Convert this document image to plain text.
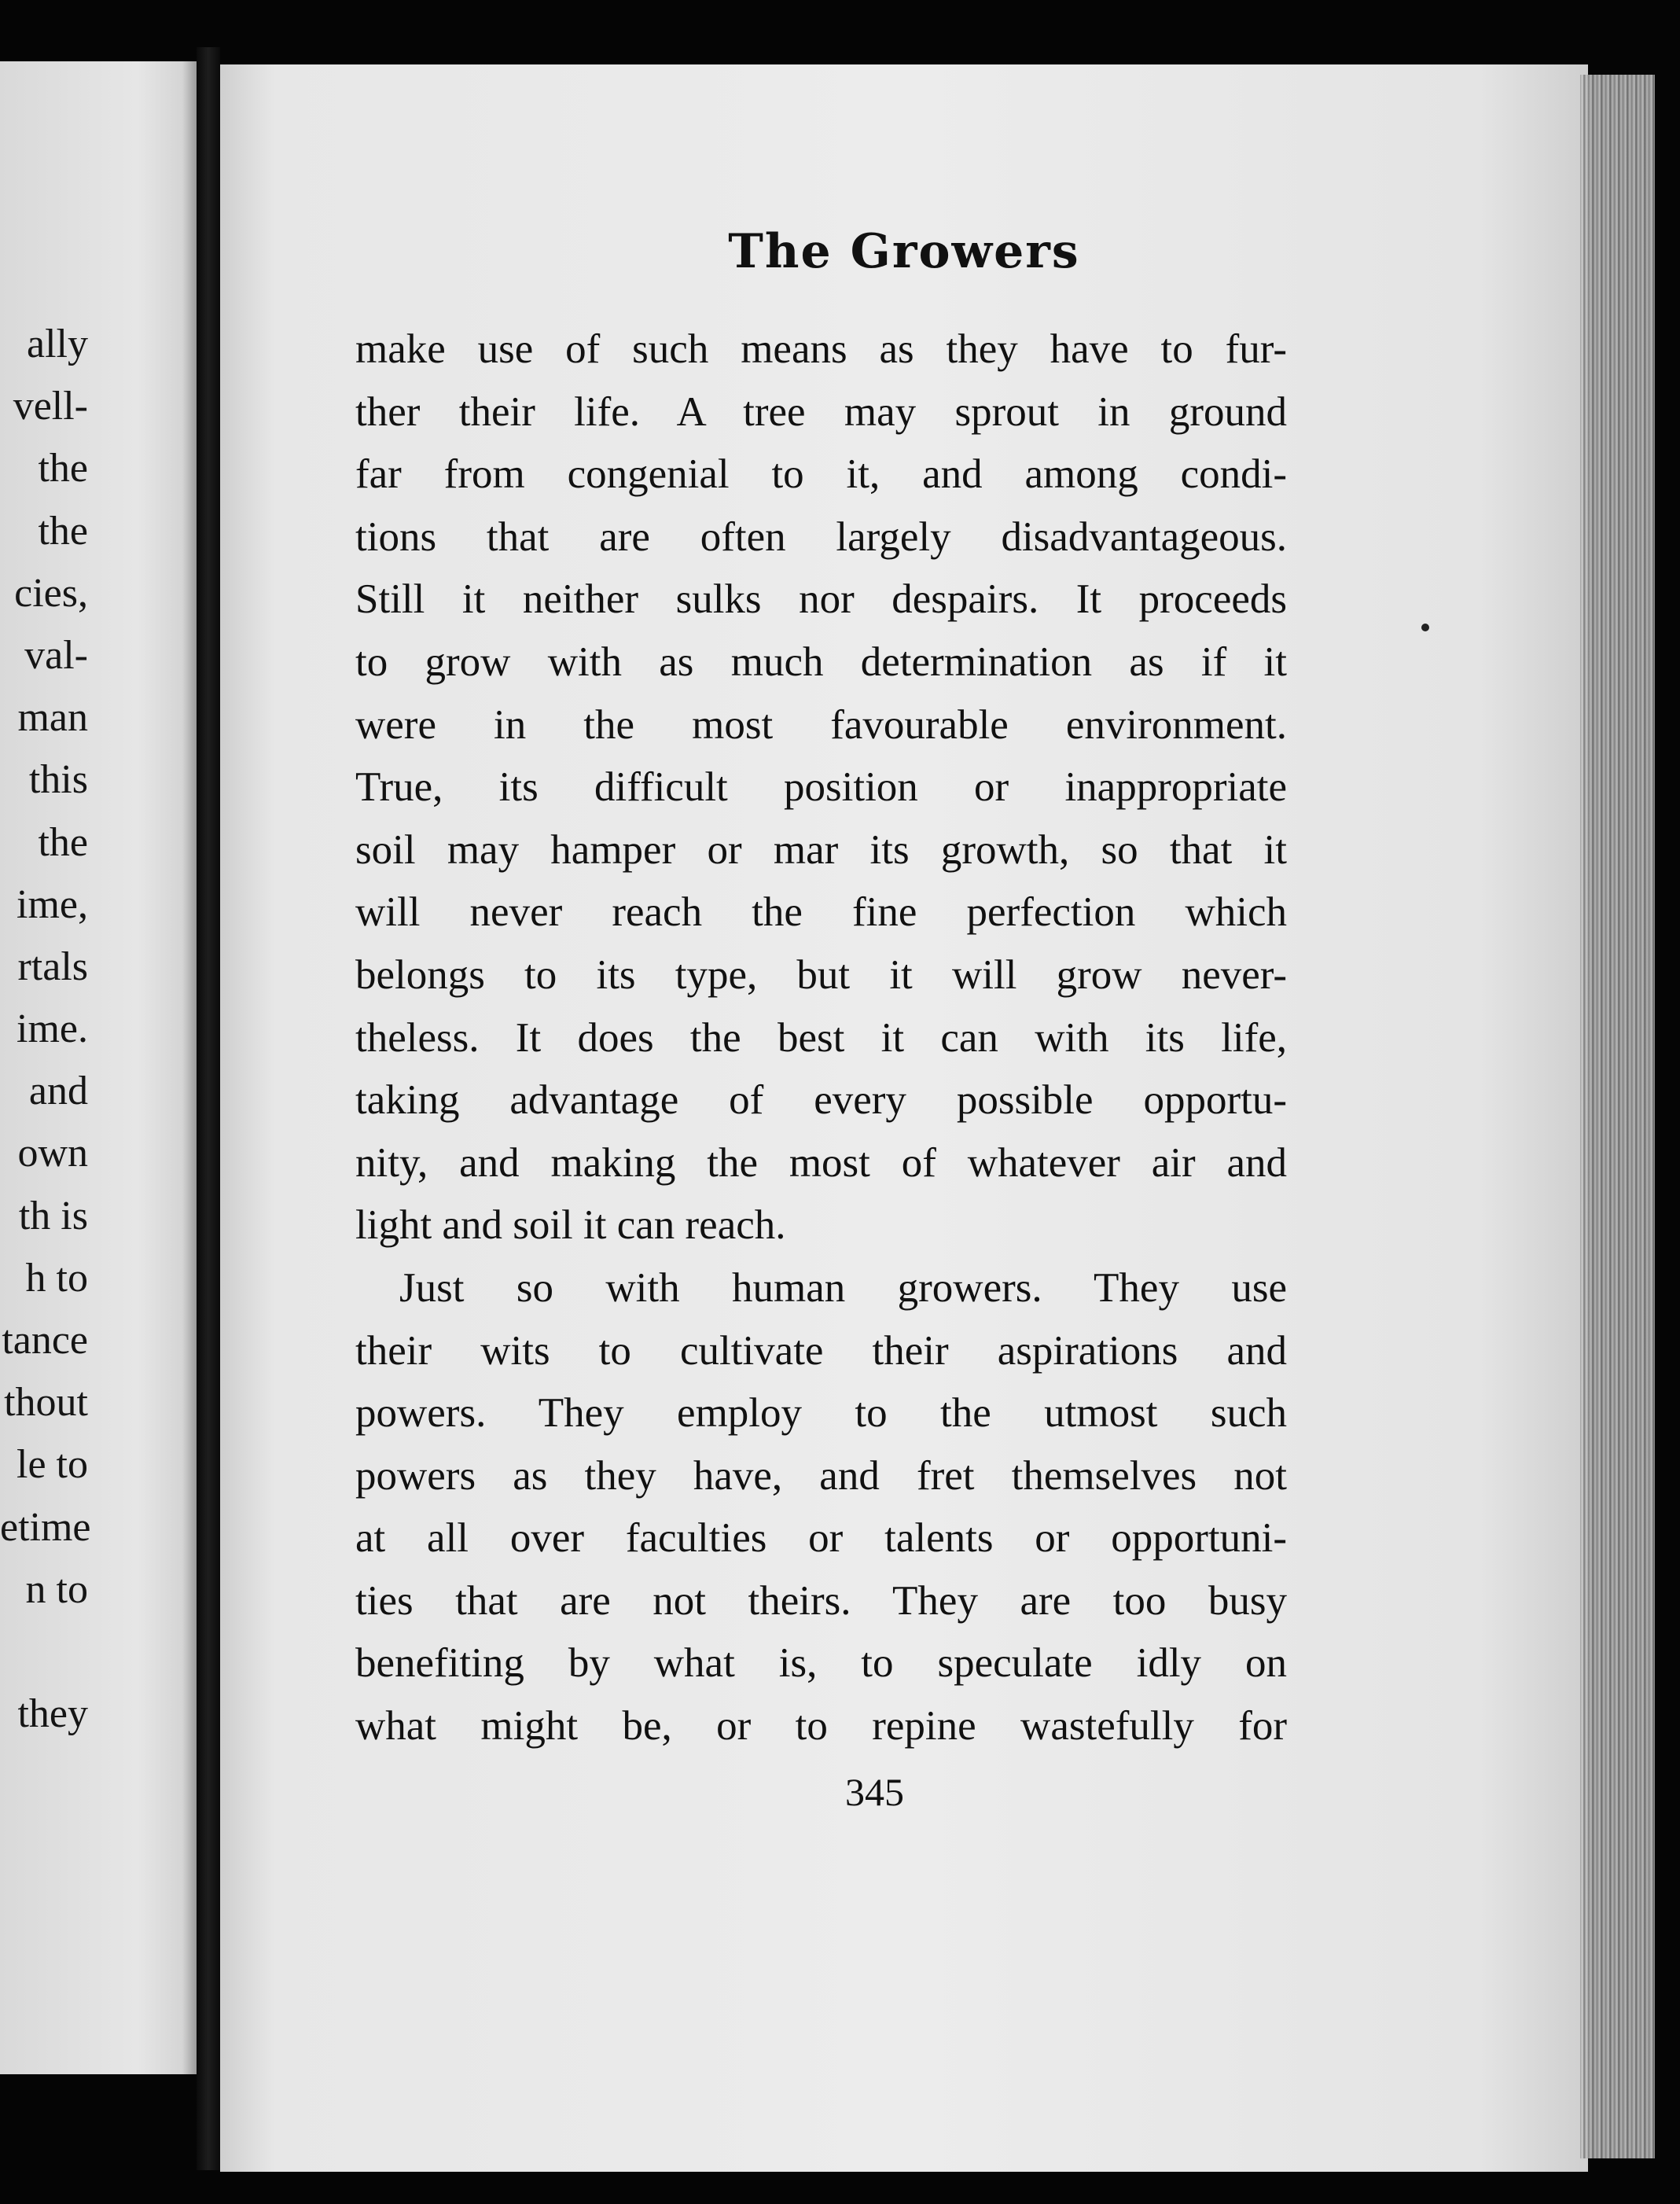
ally
vell-
the
the
cies,
val-
man
this
the
ime,
rtals
ime.
and
own
th is
h to
tance
thout
le to
etime
n to
they
The Growers
make use of such means as they have to fur-
ther their life. A tree may sprout in ground
far from congenial to it, and among condi-
tions that are often largely disadvantageous.
Still it neither sulks nor despairs. It proceeds
to grow with as much determination as if it
were in the most favourable environment.
True, its difficult position or inappropriate
soil may hamper or mar its growth, so that it
will never reach the fine perfection which
belongs to its type, but it will grow never-
theless. It does the best it can with its life,
taking advantage of every possible opportu-
nity, and making the most of whatever air and
light and soil it can reach.
Just so with human growers. They use
their wits to cultivate their aspirations and
powers. They employ to the utmost such
powers as they have, and fret themselves not
at all over faculties or talents or opportuni-
ties that are not theirs. They are too busy
benefiting by what is, to speculate idly on
what might be, or to repine wastefully for
345
